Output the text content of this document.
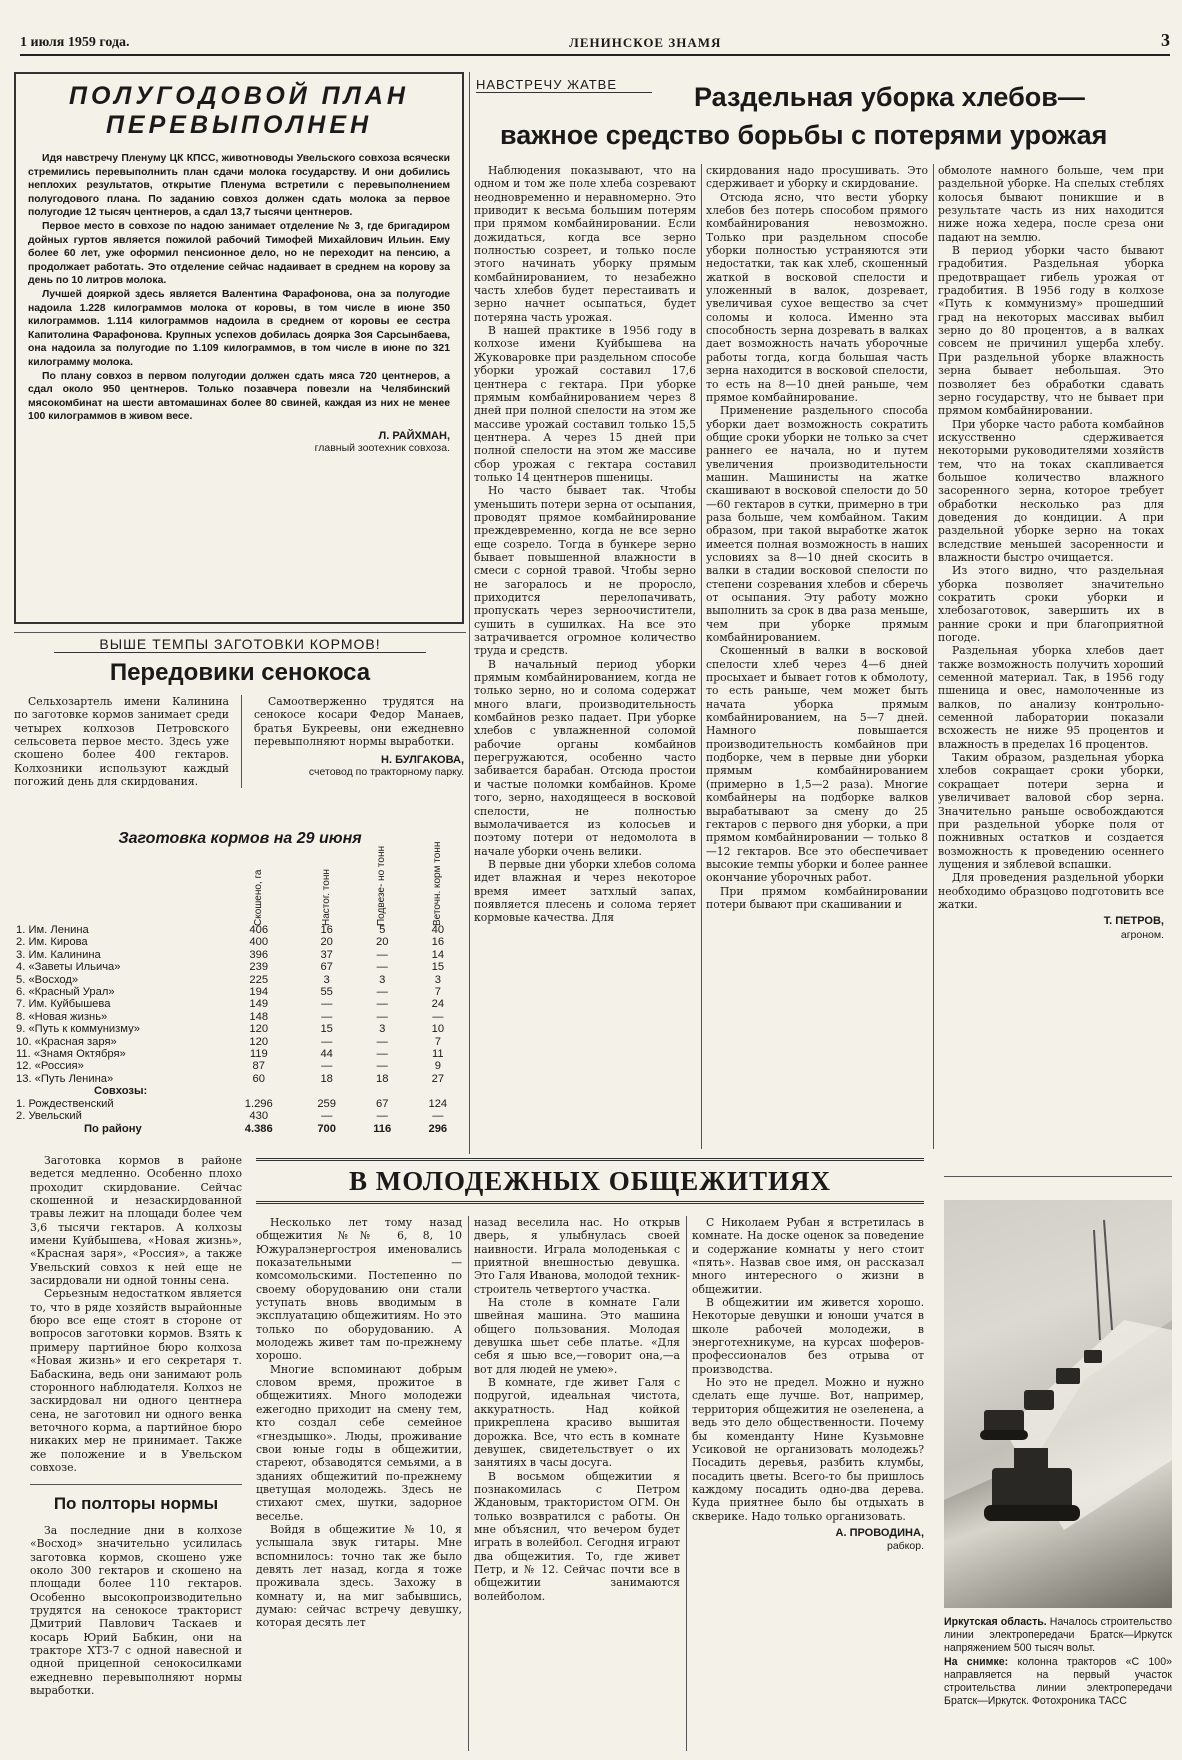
1 июля 1959 года.	ЛЕНИНСКОЕ ЗНАМЯ	3
ПОЛУГОДОВОЙ ПЛАН
ПЕРЕВЫПОЛНЕН

Идя навстречу Пленуму ЦК КПСС, животноводы Увельского совхоза всячески стремились перевыполнить план сдачи молока государству. И они добились неплохих результатов, открытие Пленума встретили с перевыполнением полугодового плана. По заданию совхоз должен сдать молока за первое полугодие 12 тысяч центнеров, а сдал 13,7 тысячи центнеров.

Первое место в совхозе по надою занимает отделение № 3, где бригадиром дойных гуртов является пожилой рабочий Тимофей Михайлович Ильин. Ему более 60 лет, уже оформил пенсионное дело, но не переходит на пенсию, а продолжает работать. Это отделение сейчас надаивает в среднем на корову за день по 10 литров молока.

Лучшей дояркой здесь является Валентина Фарафонова, она за полугодие надоила 1.228 килограммов молока от коровы, в том числе в июне 350 килограммов. 1.114 килограммов надоила в среднем от коровы ее сестра Капитолина Фарафонова. Крупных успехов добилась доярка Зоя Сарсынбаева, она надоила за полугодие по 1.109 килограммов, в том числе в июне по 321 килограмму молока.

По плану совхоз в первом полугодии должен сдать мяса 720 центнеров, а сдал около 950 центнеров. Только позавчера повезли на Челябинский мясокомбинат на шести автомашинах более 80 свиней, каждая из них не менее 100 килограммов в живом весе.

Л. РАЙХМАН,
главный зоотехник совхоза.
НАВСТРЕЧУ ЖАТВЕ	Раздельная уборка хлебов—
важное средство борьбы с потерями урожая

Наблюдения показывают, что на одном и том же поле хлеба созревают неодновременно и неравномерно. Это приводит к весьма большим потерям при прямом комбайнировании. Если дожидаться, когда все зерно полностью созреет, и только после этого начинать уборку прямым комбайнированием, то незабежно часть хлебов будет перестаивать и зерно начнет осыпаться, будет потеряна часть урожая.

В нашей практике в 1956 году в колхозе имени Куйбышева на Жуковаровке при раздельном способе уборки урожай составил 17,6 центнера с гектара. При уборке прямым комбайнированием через 8 дней при полной спелости на этом же массиве урожай составил только 15,5 центнера. А через 15 дней при полной спелости на этом же массиве сбор урожая с гектара составил только 14 центнеров пшеницы.

Но часто бывает так. Чтобы уменьшить потери зерна от осыпания, проводят прямое комбайнирование преждевременно, когда не все зерно еще созрело. Тогда в бункере зерно бывает повышенной влажности в смеси с сорной травой. Чтобы зерно не загоралось и не проросло, приходится перелопачивать, пропускать через зерноочистители, сушить в сушилках. На все это затрачивается огромное количество труда и средств.

В начальный период уборки прямым комбайнированием, когда не только зерно, но и солома содержат много влаги, производительность комбайнов резко падает. При уборке хлебов с увлажненной соломой рабочие органы комбайнов перегружаются, особенно часто забивается барабан. Отсюда простои и частые поломки комбайнов. Кроме того, зерно, находящееся в восковой спелости, не полностью вымолачивается из колосьев и поэтому потери от недомолота в начале уборки очень велики.

В первые дни уборки хлебов солома идет влажная и через некоторое время имеет затхлый запах, появляется плесень и солома теряет кормовые качества. Для

скирдования надо просушивать. Это сдерживает и уборку и скирдование.

Отсюда ясно, что вести уборку хлебов без потерь способом прямого комбайнирования невозможно. Только при раздельном способе уборки полностью устраняются эти недостатки, так как хлеб, скошенный жаткой в восковой спелости и уложенный в валок, дозревает, увеличивая сухое вещество за счет соломы и колоса. Именно эта способность зерна дозревать в валках дает возможность начать уборочные работы тогда, когда большая часть зерна находится в восковой спелости, то есть на 8—10 дней раньше, чем прямое комбайнирование.

Применение раздельного способа уборки дает возможность сократить общие сроки уборки не только за счет раннего ее начала, но и путем увеличения производительности машин. Машинисты на жатке скашивают в восковой спелости до 50—60 гектаров в сутки, примерно в три раза больше, чем комбайном. Таким образом, при такой выработке жаток имеется полная возможность в наших условиях за 8—10 дней скосить в валки в стадии восковой спелости по степени созревания хлебов и сберечь от осыпания. Эту работу можно выполнить за срок в два раза меньше, чем при уборке прямым комбайнированием.

Скошенный в валки в восковой спелости хлеб через 4—6 дней просыхает и бывает готов к обмолоту, то есть раньше, чем может быть начата уборка прямым комбайнированием, на 5—7 дней. Намного повышается производительность комбайнов при подборке, чем в первые дни уборки прямым комбайнированием (примерно в 1,5—2 раза). Многие комбайнеры на подборке валков вырабатывают за смену до 25 гектаров с первого дня уборки, а при прямом комбайнировании — только 8—12 гектаров. Все это обеспечивает высокие темпы уборки и более раннее окончание уборочных работ.

При прямом комбайнировании потери бывают при скашивании и

обмолоте намного больше, чем при раздельной уборке. На спелых стеблях колосья бывают поникшие и в результате часть из них находится ниже ножа хедера, после среза они падают на землю.

В период уборки часто бывают градобития. Раздельная уборка предотвращает гибель урожая от градобития. В 1956 году в колхозе «Путь к коммунизму» прошедший град на некоторых массивах выбил зерно до 80 процентов, а в валках совсем не причинил ущерба хлебу. При раздельной уборке влажность зерна бывает небольшая. Это позволяет без обработки сдавать зерно государству, что не бывает при прямом комбайнировании.

При уборке часто работа комбайнов искусственно сдерживается некоторыми руководителями хозяйств тем, что на токах скапливается большое количество влажного засоренного зерна, которое требует обработки несколько раз для доведения до кондиции. А при раздельной уборке зерно на токах вследствие меньшей засоренности и влажности быстро очищается.

Из этого видно, что раздельная уборка позволяет значительно сократить сроки уборки и хлебозаготовок, завершить их в ранние сроки и при благоприятной погоде.

Раздельная уборка хлебов дает также возможность получить хороший семенной материал. Так, в 1956 году пшеница и овес, намолоченные из валков, по анализу контрольно-семенной лаборатории показали всхожесть не ниже 95 процентов и влажность в пределах 16 процентов.

Таким образом, раздельная уборка хлебов сокращает сроки уборки, сокращает потери зерна и увеличивает валовой сбор зерна. Значительно раньше освобождаются при раздельной уборке поля от пожнивных остатков и создается возможность к проведению осеннего лущения и зяблевой вспашки.

Для проведения раздельной уборки необходимо образцово подготовить все жатки.

Т. ПЕТРОВ,
агроном.
ВЫШЕ ТЕМПЫ ЗАГОТОВКИ КОРМОВ!
Передовики сенокоса
Сельхозартель имени Калинина по заготовке кормов занимает среди четырех колхозов Петровского сельсовета первое место. Здесь уже скошено более 400 гектаров. Колхозники используют каждый погожий день для скирдования.
Самоотверженно трудятся на сенокосе косари Федор Манаев, братья Букреевы, они ежедневно перевыполняют нормы выработки.
Н. БУЛГАКОВА,
счетовод по тракторному парку.
Заготовка кормов на 29 июня
	Скошено, га	Настог. тонн	Подвезе- но тонн	Веточн. корм тонн
1. Им. Ленина	406	16	5	40
2. Им. Кирова	400	20	20	16
3. Им. Калинина	396	37	—	14
4. «Заветы Ильича»	239	67	—	15
5. «Восход»	225	3	3	3
6. «Красный Урал»	194	55	—	7
7. Им. Куйбышева	149	—	—	24
8. «Новая жизнь»	148	—	—	—
9. «Путь к коммунизму»	120	15	3	10
10. «Красная заря»	120	—	—	7
11. «Знамя Октября»	119	44	—	11
12. «Россия»	87	—	—	9
13. «Путь Ленина»	60	18	18	27
Совхозы:				
1. Рождественский	1.296	259	67	124
2. Увельский	430	—	—	—
По району	4.386	700	116	296

Заготовка кормов в районе ведется медленно. Особенно плохо проходит скирдование. Сейчас скошенной и незаскирдованной травы лежит на площади более чем 3,6 тысячи гектаров. А колхозы имени Куйбышева, «Новая жизнь», «Красная заря», «Россия», а также Увельский совхоз к ней еще не засирдовали ни одной тонны сена.

Серьезным недостатком является то, что в ряде хозяйств вырайонные бюро все еще стоят в стороне от вопросов заготовки кормов. Взять к примеру партийное бюро колхоза «Новая жизнь» и его секретаря т. Бабаскина, ведь они занимают роль сторонного наблюдателя. Колхоз не заскирдовал ни одного центнера сена, не заготовил ни одного венка веточного корма, а партийное бюро никаких мер не принимает. Также же положение и в Увельском совхозе.

По полторы нормы
За последние дни в колхозе «Восход» значительно усилилась заготовка кормов, скошено уже около 300 гектаров и скошено на площади более 110 гектаров. Особенно высокопроизводительно трудятся на сенокосе тракторист Дмитрий Павлович Таскаев и косарь Юрий Бабкин, они на тракторе ХТЗ-7 с одной навесной и одной прицепной сенокосилками ежедневно перевыполняют нормы выработки.
В МОЛОДЕЖНЫХ ОБЩЕЖИТИЯХ

Несколько лет тому назад общежития №№ 6, 8, 10 Южуралэнергостроя именовались показательными — комсомольскими. Постепенно по своему оборудованию они стали уступать вновь вводимым в эксплуатацию общежитиям. Но это только по оборудованию. А молодежь живет там по-прежнему хорошо.

Многие вспоминают добрым словом время, прожитое в общежитиях. Много молодежи ежегодно приходит на смену тем, кто создал себе семейное «гнездышко». Люды, проживание свои юные годы в общежитии, стареют, обзаводятся семьями, а в зданиях общежитий по-прежнему цветущая молодежь. Здесь не стихают смех, шутки, задорное веселье.

Войдя в общежитие № 10, я услышала звук гитары. Мне вспомнилось: точно так же было девять лет назад, когда я тоже проживала здесь. Захожу в комнату и, на миг забывшись, думаю: сейчас встречу девушку, которая десять лет

назад веселила нас. Но открыв дверь, я улыбнулась своей наивности. Играла молоденькая с приятной внешностью девушка. Это Галя Иванова, молодой техник-строитель четвертого участка.

На столе в комнате Гали швейная машина. Это машина общего пользования. Молодая девушка шьет себе платье. «Для себя я шью все,—говорит она,—а вот для людей не умею».

В комнате, где живет Галя с подругой, идеальная чистота, аккуратность. Над койкой прикреплена красиво вышитая дорожка. Все, что есть в комнате девушек, свидетельствует о их занятиях в часы досуга.

В восьмом общежитии я познакомилась с Петром Ждановым, трактористом ОГМ. Он только возвратился с работы. Он мне объяснил, что вечером будет играть в волейбол. Сегодня играют два общежития. То, где живет Петр, и № 12. Сейчас почти все в общежитии занимаются волейболом.

С Николаем Рубан я встретилась в комнате. На доске оценок за поведение и содержание комнаты у него стоит «пять». Назвав свое имя, он рассказал много интересного о жизни в общежитии.

В общежитии им живется хорошо. Некоторые девушки и юноши учатся в школе рабочей молодежи, в энерготехникуме, на курсах шоферов-профессионалов без отрыва от производства.

Но это не предел. Можно и нужно сделать еще лучше. Вот, например, территория общежития не озеленена, а ведь это дело общественности. Почему бы коменданту Нине Кузьмовне Усиковой не организовать молодежь? Посадить деревья, разбить клумбы, посадить цветы. Всего-то бы пришлось каждому посадить одно-два дерева. Куда приятнее было бы отдыхать в скверике. Надо только организовать.

А. ПРОВОДИНА,
рабкор.
Иркутская область. Началось строительство линии электропередачи Братск—Иркутск напряжением 500 тысяч вольт.
На снимке: колонна тракторов «С 100» направляется на первый участок строительства линии электропередачи Братск—Иркутск. Фотохроника ТАСС
